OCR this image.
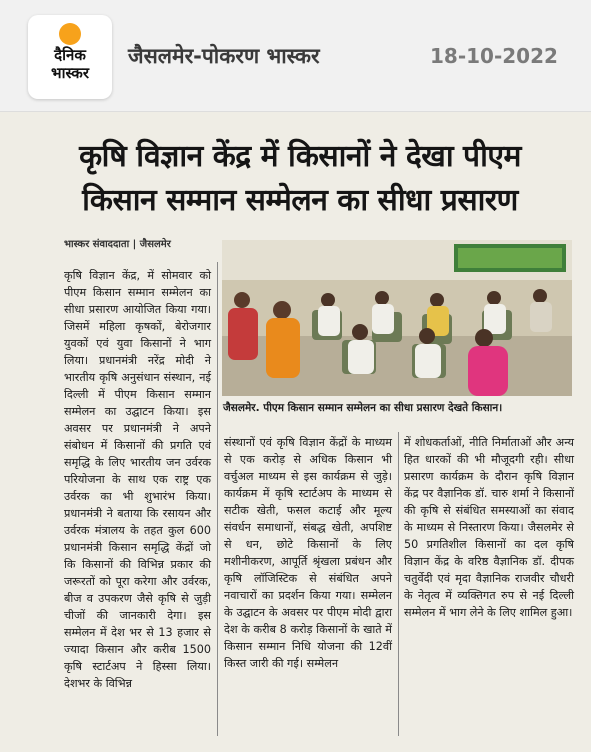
दैनिक
भास्कर
जैसलमेर-पोकरण भास्कर	18-10-2022
कृषि विज्ञान केंद्र में किसानों ने देखा पीएम
किसान सम्मान सम्मेलन का सीधा प्रसारण
भास्कर संवाददाता | जैसलमेर
जैसलमेर. पीएम किसान सम्मान सम्मेलन का सीधा प्रसारण देखते किसान।
कृषि विज्ञान केंद्र, में सोमवार को पीएम किसान सम्मान सम्मेलन का सीधा प्रसारण आयोजित किया गया। जिसमें महिला कृषकों, बेरोजगार युवकों एवं युवा किसानों ने भाग लिया। प्रधानमंत्री नरेंद्र मोदी ने भारतीय कृषि अनुसंधान संस्थान, नई दिल्ली में पीएम किसान सम्मान सम्मेलन का उद्घाटन किया। इस अवसर पर प्रधानमंत्री ने अपने संबोधन में किसानों की प्रगति एवं समृद्धि के लिए भारतीय जन उर्वरक परियोजना के साथ एक राष्ट्र एक उर्वरक का भी शुभारंभ किया। प्रधानमंत्री ने बताया कि रसायन और उर्वरक मंत्रालय के तहत कुल 600 प्रधानमंत्री किसान समृद्धि केंद्रों जो कि किसानों की विभिन्न प्रकार की जरूरतों को पूरा करेगा और उर्वरक, बीज व उपकरण जैसे कृषि से जुड़ी चीजों की जानकारी देगा। इस सम्मेलन में देश भर से 13 हजार से ज्यादा किसान और करीब 1500 कृषि स्टार्टअप ने हिस्सा लिया। देशभर के विभिन्न
संस्थानों एवं कृषि विज्ञान केंद्रों के माध्यम से एक करोड़ से अधिक किसान भी वर्चुअल माध्यम से इस कार्यक्रम से जुड़े। कार्यक्रम में कृषि स्टार्टअप के माध्यम से सटीक खेती, फसल कटाई और मूल्य संवर्धन समाधानों, संबद्ध खेती, अपशिष्ट से धन, छोटे किसानों के लिए मशीनीकरण, आपूर्ति श्रृंखला प्रबंधन और कृषि लॉजिस्टिक से संबंधित अपने नवाचारों का प्रदर्शन किया गया। सम्मेलन के उद्घाटन के अवसर पर पीएम मोदी द्वारा देश के करीब 8 करोड़ किसानों के खाते में किसान सम्मान निधि योजना की 12वीं किस्त जारी की गई। सम्मेलन
में शोधकर्ताओं, नीति निर्माताओं और अन्य हित धारकों की भी मौजूदगी रही। सीधा प्रसारण कार्यक्रम के दौरान कृषि विज्ञान केंद्र पर वैज्ञानिक डॉ. चारु शर्मा ने किसानों की कृषि से संबंधित समस्याओं का संवाद के माध्यम से निस्तारण किया। जैसलमेर से 50 प्रगतिशील किसानों का दल कृषि विज्ञान केंद्र के वरिष्ठ वैज्ञानिक डॉ. दीपक चतुर्वेदी एवं मृदा वैज्ञानिक राजवीर चौधरी के नेतृत्व में व्यक्तिगत रुप से नई दिल्ली सम्मेलन में भाग लेने के लिए शामिल हुआ।
